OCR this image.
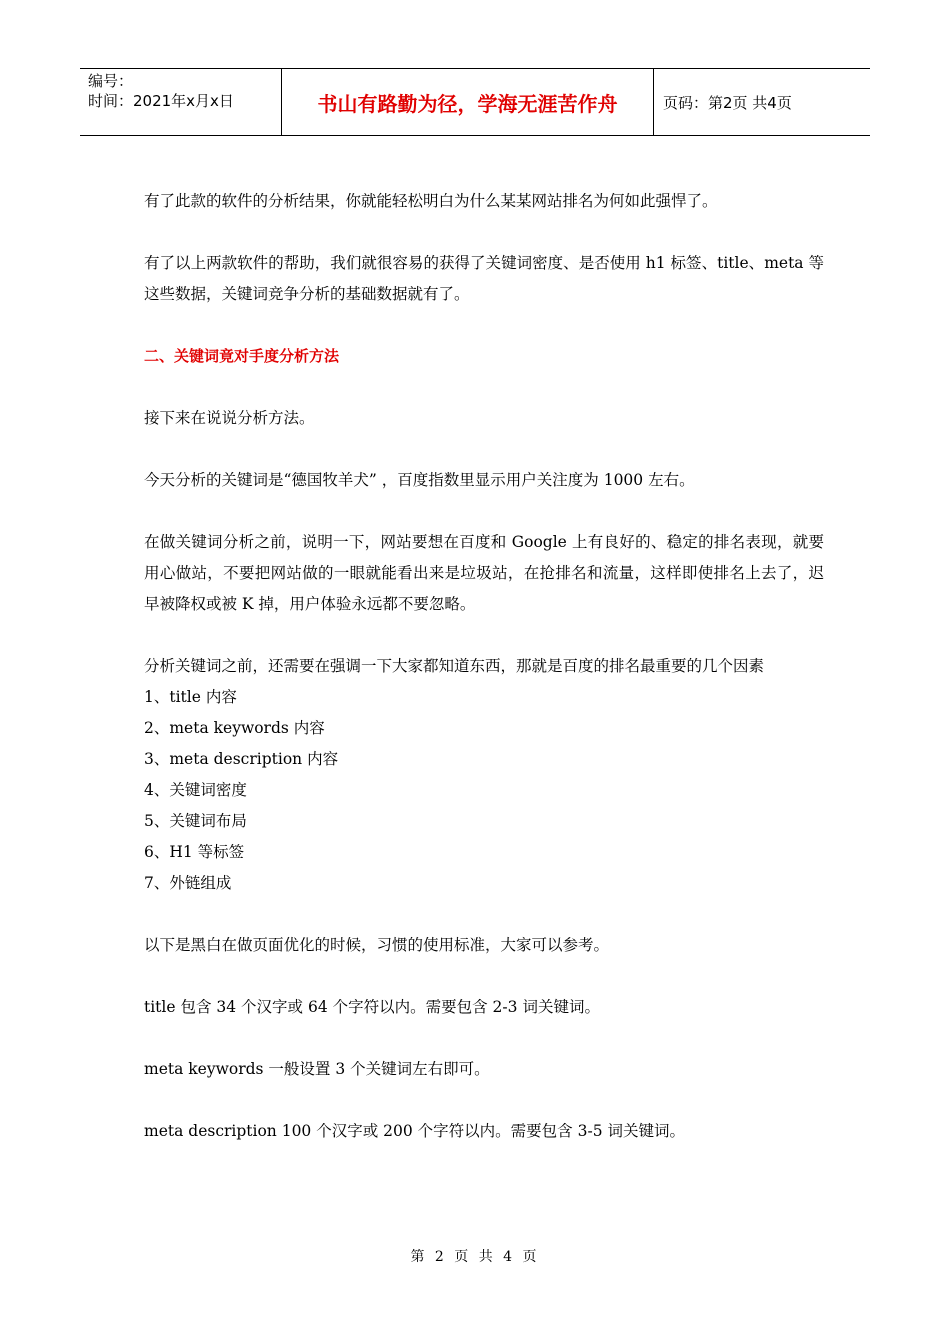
编号：
时间：2021年x月x日	书山有路勤为径，学海无涯苦作舟	页码：第2页 共4页

有了此款的软件的分析结果，你就能轻松明白为什么某某网站排名为何如此强悍了。

有了以上两款软件的帮助，我们就很容易的获得了关键词密度、是否使用 h1 标签、title、meta 等这些数据，关键词竞争分析的基础数据就有了。

二、关键词竟对手度分析方法

接下来在说说分析方法。

今天分析的关键词是“德国牧羊犬” ，百度指数里显示用户关注度为 1000 左右。

在做关键词分析之前，说明一下，网站要想在百度和 Google 上有良好的、稳定的排名表现，就要用心做站，不要把网站做的一眼就能看出来是垃圾站，在抢排名和流量，这样即使排名上去了，迟早被降权或被 K 掉，用户体验永远都不要忽略。

分析关键词之前，还需要在强调一下大家都知道东西，那就是百度的排名最重要的几个因素

1、title 内容

2、meta keywords 内容

3、meta description 内容

4、关键词密度

5、关键词布局

6、H1 等标签

7、外链组成

以下是黑白在做页面优化的时候，习惯的使用标准，大家可以参考。

title 包含 34 个汉字或 64 个字符以内。需要包含 2-3 词关键词。

meta keywords 一般设置 3 个关键词左右即可。

meta description 100 个汉字或 200 个字符以内。需要包含 3-5 词关键词。

第 2 页 共 4 页
